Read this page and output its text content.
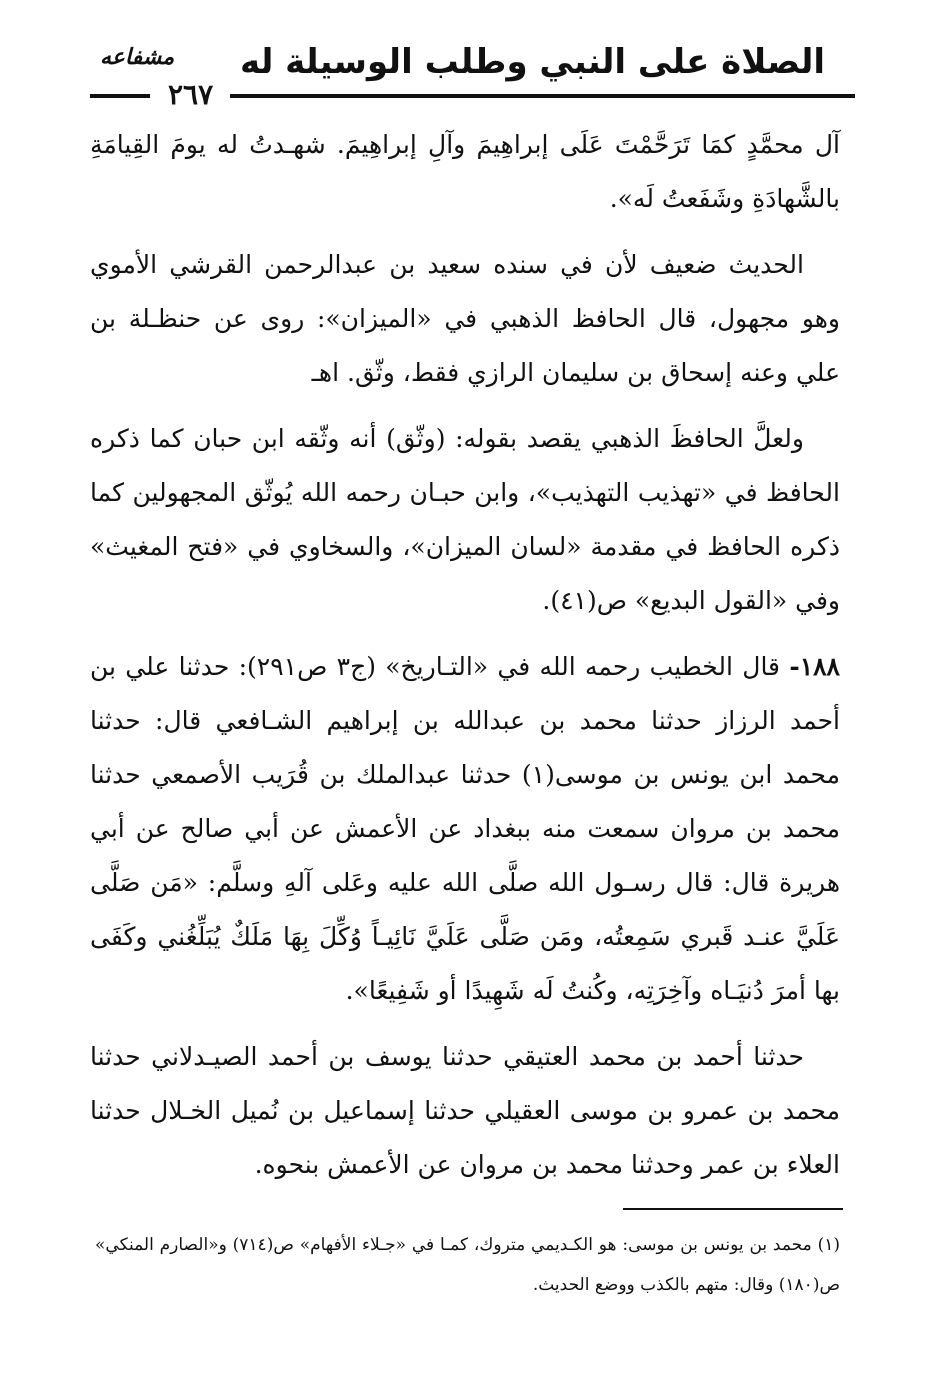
الصلاة على النبي وطلب الوسيلة له
مشفاعه
٢٦٧

آل محمَّدٍ كمَا تَرَحَّمْتَ عَلَى إبراهِيمَ وآلِ إبراهِيمَ. شهـدتُ له يومَ القِيامَةِ بالشَّهادَةِ وشَفَعتُ لَه».

الحديث ضعيف لأن في سنده سعيد بن عبدالرحمن القرشي الأموي وهو مجهول، قال الحافظ الذهبي في «الميزان»: روى عن حنظـلة بن علي وعنه إسحاق بن سليمان الرازي فقط، وثّق. اهـ

ولعلَّ الحافظَ الذهبي يقصد بقوله: (وثّق) أنه وثّقه ابن حبان كما ذكره الحافظ في «تهذيب التهذيب»، وابن حبـان رحمه الله يُوثّق المجهولين كما ذكره الحافظ في مقدمة «لسان الميزان»، والسخاوي في «فتح المغيث» وفي «القول البديع» ص(٤١).

١٨٨- قال الخطيب رحمه الله في «التـاريخ» (ج٣ ص٢٩١): حدثنا علي بن أحمد الرزاز حدثنا محمد بن عبدالله بن إبراهيم الشـافعي قال: حدثنا محمد ابن يونس بن موسى(١) حدثنا عبدالملك بن قُرَيب الأصمعي حدثنا محمد بن مروان سمعت منه ببغداد عن الأعمش عن أبي صالح عن أبي هريرة قال: قال رسـول الله صلَّى الله عليه وعَلى آلهِ وسلَّم: «مَن صَلَّى عَلَيَّ عنـد قَبري سَمِعتُه، ومَن صَلَّى عَلَيَّ نَائِيـاً وُكِّلَ بِهَا مَلَكٌ يُبَلِّغُني وكَفَى بها أمرَ دُنيَـاه وآخِرَتِه، وكُنتُ لَه شَهِيدًا أو شَفِيعًا».

حدثنا أحمد بن محمد العتيقي حدثنا يوسف بن أحمد الصيـدلاني حدثنا محمد بن عمرو بن موسى العقيلي حدثنا إسماعيل بن نُميل الخـلال حدثنا العلاء بن عمر وحدثنا محمد بن مروان عن الأعمش بنحوه.

(١) محمد بن يونس بن موسى: هو الكـديمي متروك، كمـا في «جـلاء الأفهام» ص(٧١٤) و«الصارم المنكي» ص(١٨٠) وقال: متهم بالكذب ووضع الحديث.
